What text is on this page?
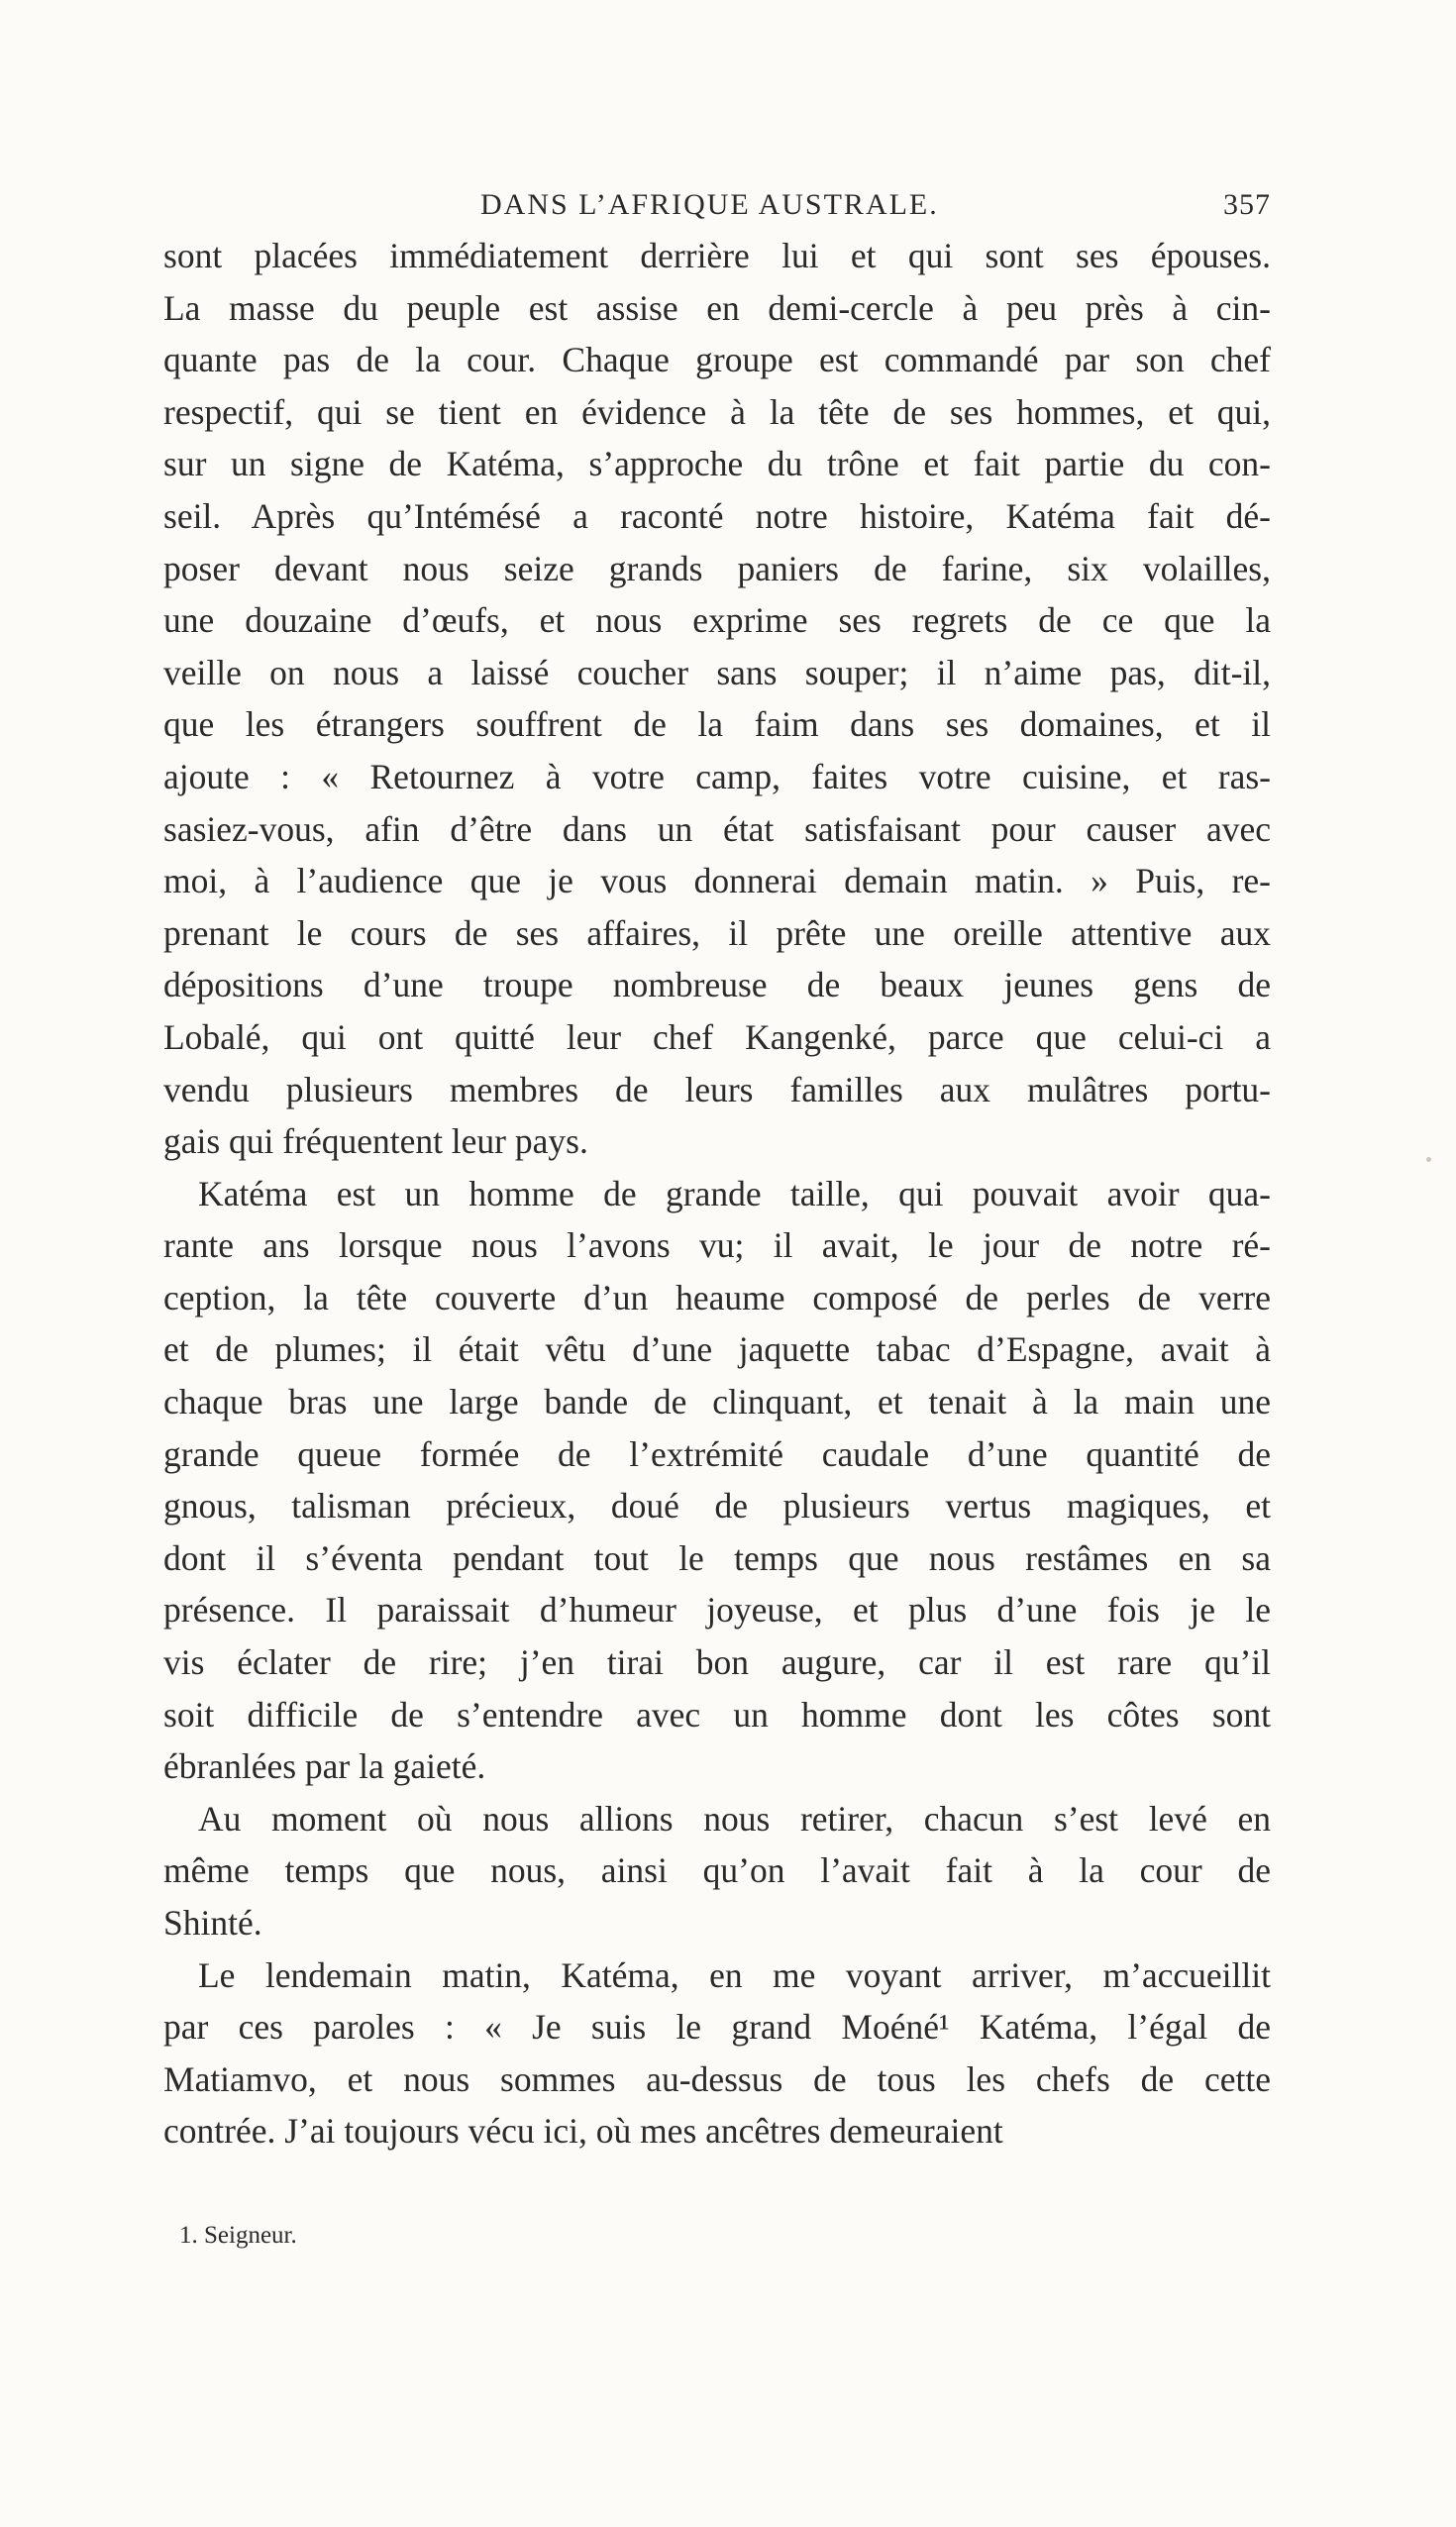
DANS L’AFRIQUE AUSTRALE.	357
sont placées immédiatement derrière lui et qui sont ses épouses.
La masse du peuple est assise en demi-cercle à peu près à cin-
quante pas de la cour. Chaque groupe est commandé par son chef
respectif, qui se tient en évidence à la tête de ses hommes, et qui,
sur un signe de Katéma, s’approche du trône et fait partie du con-
seil. Après qu’Intémésé a raconté notre histoire, Katéma fait dé-
poser devant nous seize grands paniers de farine, six volailles,
une douzaine d’œufs, et nous exprime ses regrets de ce que la
veille on nous a laissé coucher sans souper; il n’aime pas, dit-il,
que les étrangers souffrent de la faim dans ses domaines, et il
ajoute : « Retournez à votre camp, faites votre cuisine, et ras-
sasiez-vous, afin d’être dans un état satisfaisant pour causer avec
moi, à l’audience que je vous donnerai demain matin. » Puis, re-
prenant le cours de ses affaires, il prête une oreille attentive aux
dépositions d’une troupe nombreuse de beaux jeunes gens de
Lobalé, qui ont quitté leur chef Kangenké, parce que celui-ci a
vendu plusieurs membres de leurs familles aux mulâtres portu-
gais qui fréquentent leur pays.
Katéma est un homme de grande taille, qui pouvait avoir qua-
rante ans lorsque nous l’avons vu; il avait, le jour de notre ré-
ception, la tête couverte d’un heaume composé de perles de verre
et de plumes; il était vêtu d’une jaquette tabac d’Espagne, avait à
chaque bras une large bande de clinquant, et tenait à la main une
grande queue formée de l’extrémité caudale d’une quantité de
gnous, talisman précieux, doué de plusieurs vertus magiques, et
dont il s’éventa pendant tout le temps que nous restâmes en sa
présence. Il paraissait d’humeur joyeuse, et plus d’une fois je le
vis éclater de rire; j’en tirai bon augure, car il est rare qu’il
soit difficile de s’entendre avec un homme dont les côtes sont
ébranlées par la gaieté.
Au moment où nous allions nous retirer, chacun s’est levé en
même temps que nous, ainsi qu’on l’avait fait à la cour de
Shinté.
Le lendemain matin, Katéma, en me voyant arriver, m’accueillit
par ces paroles : « Je suis le grand Moéné¹ Katéma, l’égal de
Matiamvo, et nous sommes au-dessus de tous les chefs de cette
contrée. J’ai toujours vécu ici, où mes ancêtres demeuraient
1. Seigneur.
